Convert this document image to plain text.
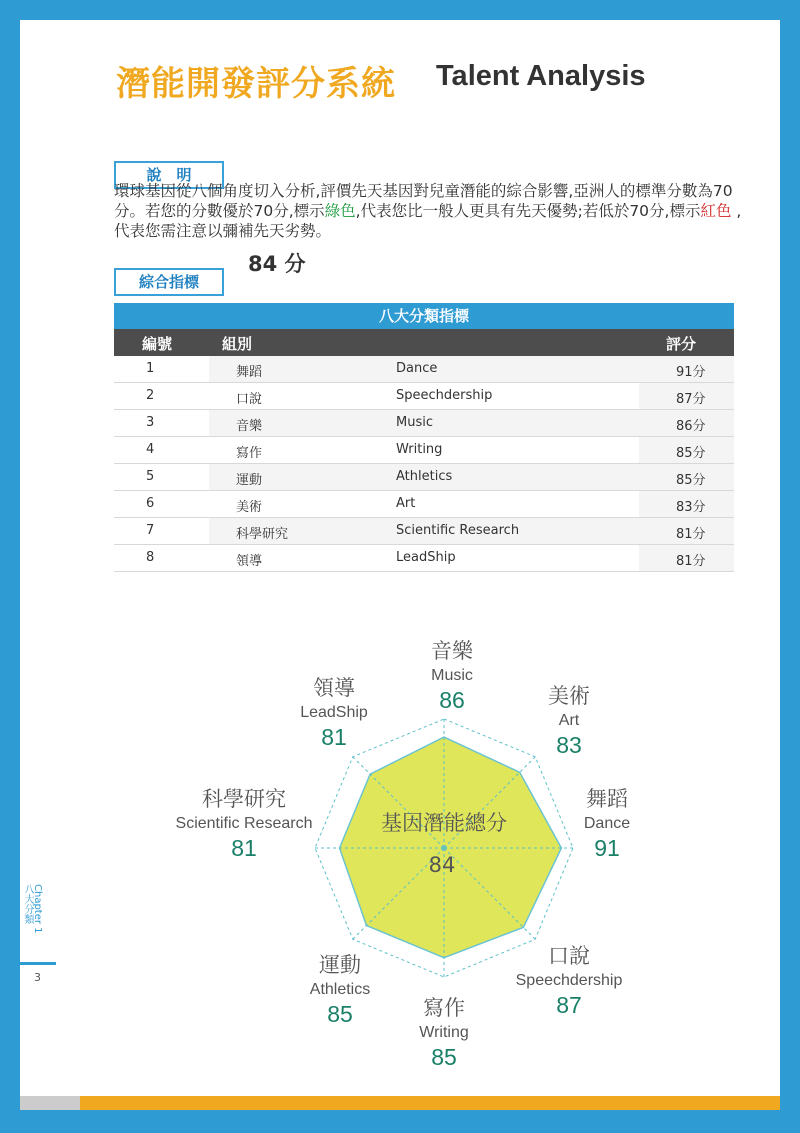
潛能開發評分系統 Talent Analysis
說　明
環球基因從八個角度切入分析,評價先天基因對兒童潛能的綜合影響,亞洲人的標準分數為70分。若您的分數優於70分,標示綠色,代表您比一般人更具有先天優勢;若低於70分,標示紅色 ,代表您需注意以彌補先天劣勢。
綜合指標
84 分
八大分類指標
編號	組別	評分
1	舞蹈	Dance	91分
2	口說	Speechdership	87分
3	音樂	Music	86分
4	寫作	Writing	85分
5	運動	Athletics	85分
6	美術	Art	83分
7	科學研究	Scientific Research	81分
8	領導	LeadShip	81分
基因潛能總分
84
音樂
Music
86	美術
Art
83
舞蹈
Dance
91
口說
Speechdership
87
寫作
Writing
85
運動
Athletics
85
科學研究
Scientific Research
81
領導
LeadShip
81
Chapter 1
八大分類
3
